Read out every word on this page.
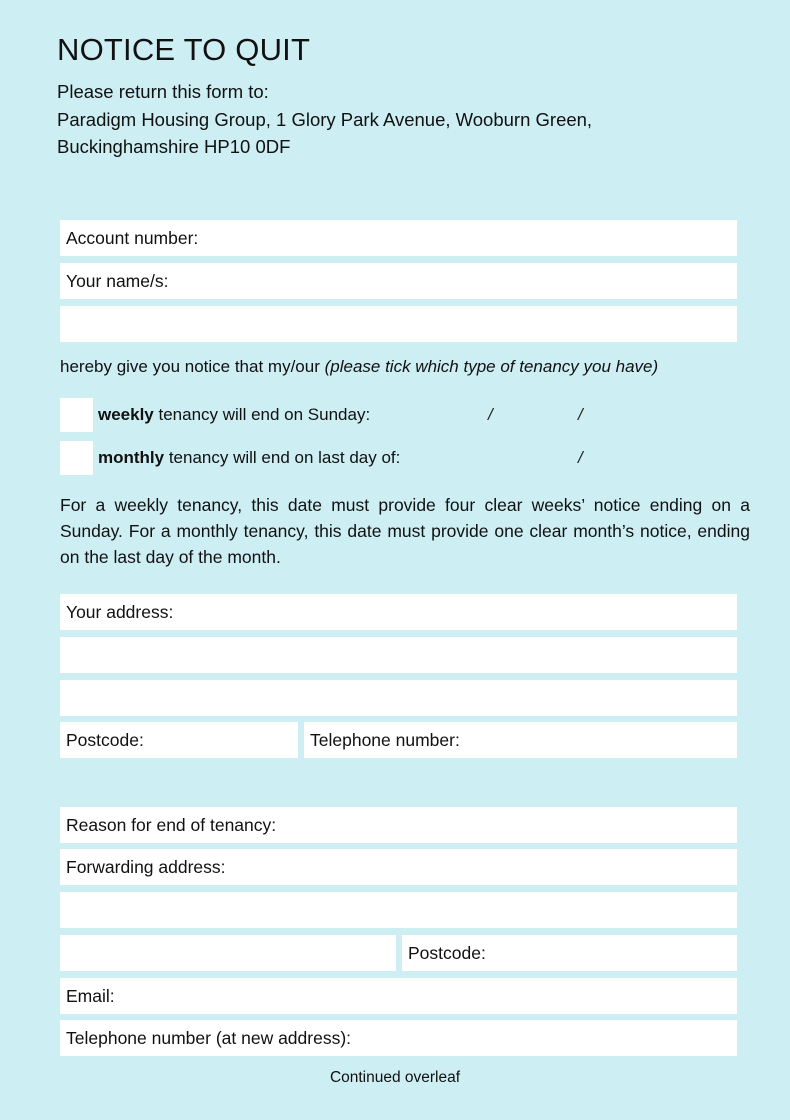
NOTICE TO QUIT
Please return this form to:
Paradigm Housing Group, 1 Glory Park Avenue, Wooburn Green, Buckinghamshire HP10 0DF
Account number:
Your name/s:
hereby give you notice that my/our (please tick which type of tenancy you have)
weekly tenancy will end on Sunday:	/	/
monthly tenancy will end on last day of:	/
For a weekly tenancy, this date must provide four clear weeks’ notice ending on a Sunday. For a monthly tenancy, this date must provide one clear month’s notice, ending on the last day of the month.
Your address:
Postcode:	Telephone number:
Reason for end of tenancy:
Forwarding address:
Postcode:
Email:
Telephone number (at new address):
Continued overleaf
